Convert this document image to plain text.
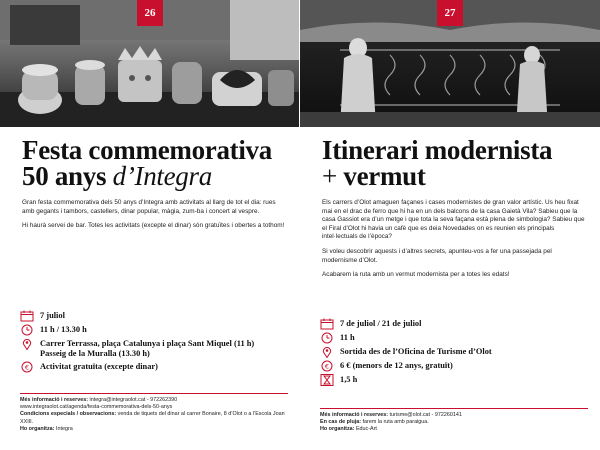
26
Festa commemorativa
50 anys d’Integra

Gran festa commemorativa dels 50 anys d’Integra amb activitats al llarg de tot el dia: rues amb gegants i tambors, castellers, dinar popular, màgia, zum-ba i concert al vespre.

Hi haurà servei de bar. Totes les activitats (excepte el dinar) són gratuïtes i obertes a tothom!

7 juliol
11 h / 13.30 h
Carrer Terrassa, plaça Catalunya i plaça Sant Miquel (11 h) Passeig de la Muralla (13.30 h)
€ Activitat gratuïta (excepte dinar)
Més informació i reserves: integra@integraolot.cat - 972262390
www.integraolot.cat/agenda/festa-commemorativa-dels-50-anys
Condicions especials / observacions: venda de tiquets del dinar al carrer Bonaire, 8 d’Olot o a l’Escola Joan XXIII.
Ho organitza: Integra
27
Itinerari modernista
+ vermut

Els carrers d’Olot amaguen façanes i cases modernistes de gran valor artístic. Us heu fixat mai en el drac de ferro que hi ha en un dels balcons de la casa Gaietà Vila? Sabieu que la casa Gassiot era d’un metge i que tota la seva façana està plena de simbologia? Sabieu que el Firal d’Olot hi havia un cafè que es deia Novedades on es reunien els principals intel·lectuals de l’època?

Si voleu descobrir aquests i d’altres secrets, apunteu-vos a fer una passejada pel modernisme d’Olot.

Acabarem la ruta amb un vermut modernista per a totes les edats!

7 de juliol / 21 de juliol
11 h
Sortida des de l’Oficina de Turisme d’Olot
€ 6 € (menors de 12 anys, gratuït)
1,5 h
Més informació i reserves: turisme@olot.cat - 972260141
En cas de pluja: farem la ruta amb paraigua.
Ho organitza: Educ-Art
